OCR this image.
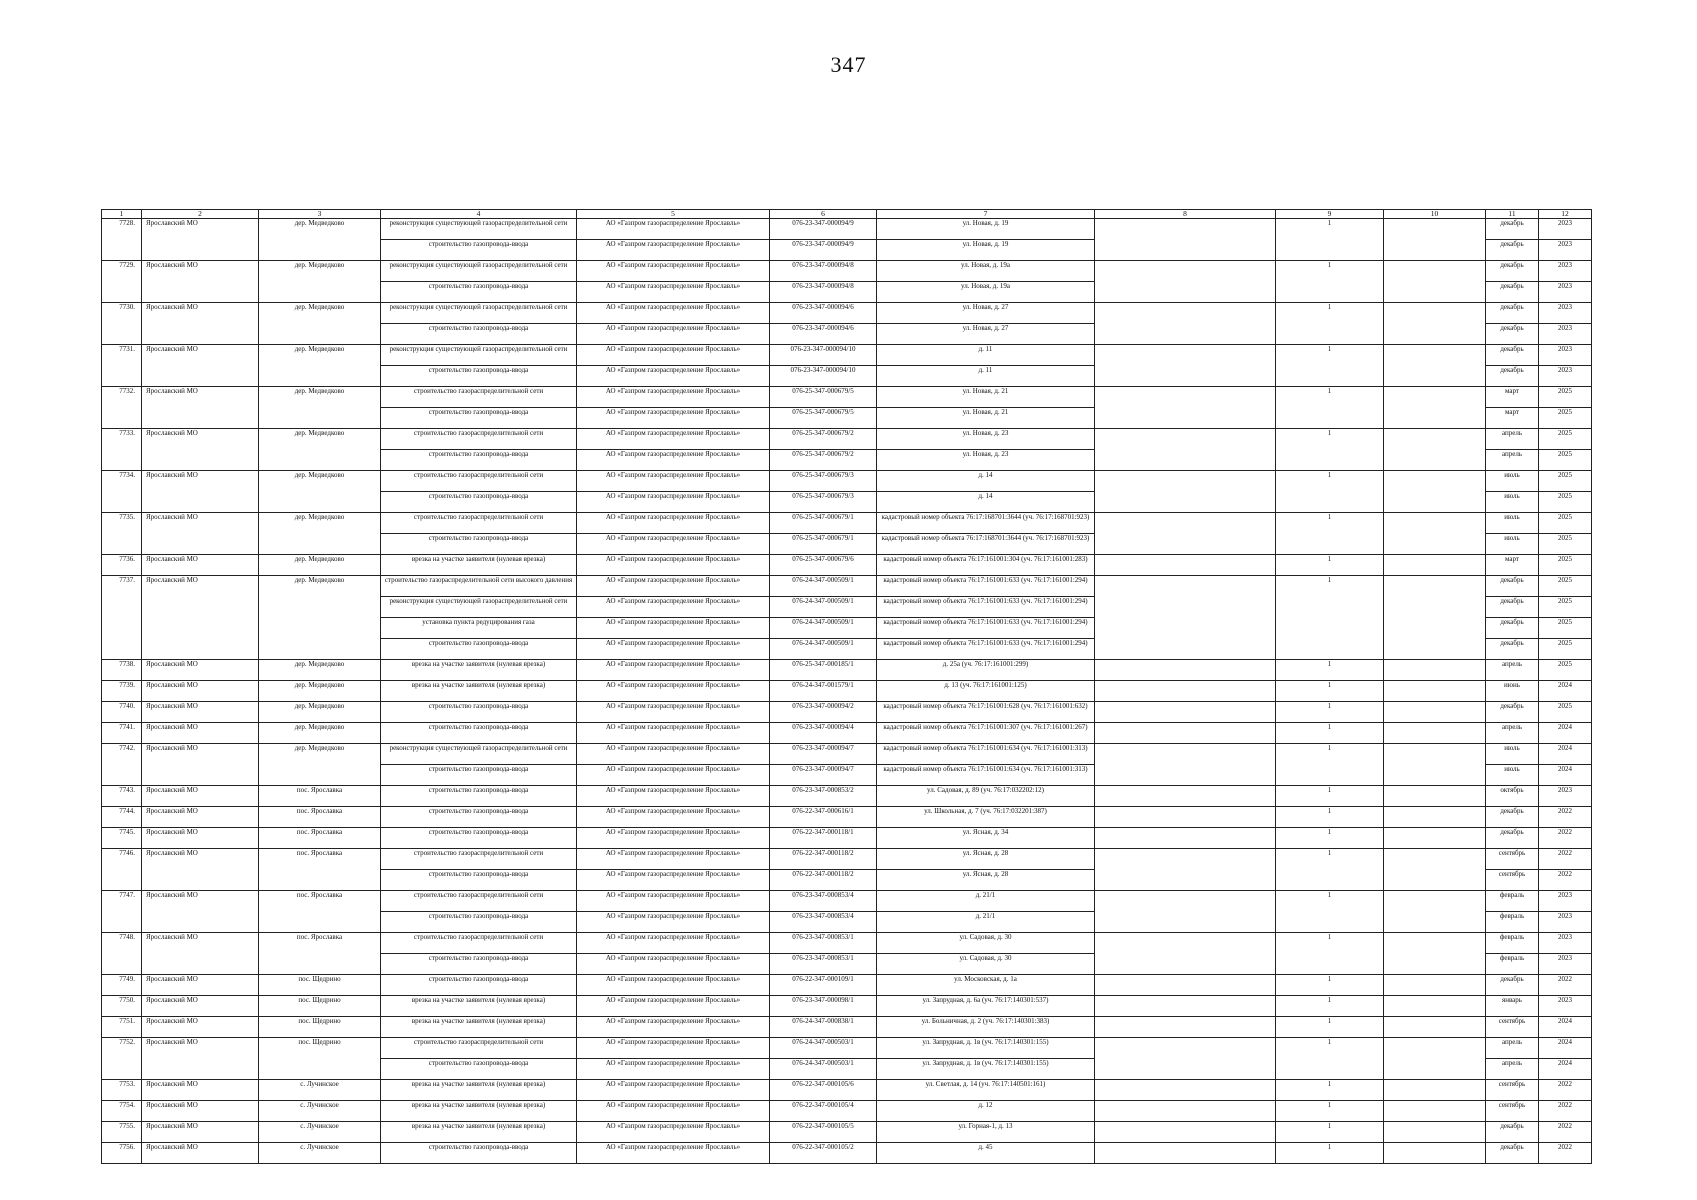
347
1	2	3	4	5	6	7	8	9	10	11	12
7728.	Ярославский МО	дер. Медведково	реконструкция существующей газораспределительной сети	АО «Газпром газораспределение Ярославль»	076-23-347-000094/9	ул. Новая, д. 19		1		декабрь	2023
			строительство газопровода-ввода	АО «Газпром газораспределение Ярославль»	076-23-347-000094/9	ул. Новая, д. 19				декабрь	2023
7729.	Ярославский МО	дер. Медведково	реконструкция существующей газораспределительной сети	АО «Газпром газораспределение Ярославль»	076-23-347-000094/8	ул. Новая, д. 19а		1		декабрь	2023
			строительство газопровода-ввода	АО «Газпром газораспределение Ярославль»	076-23-347-000094/8	ул. Новая, д. 19а				декабрь	2023
7730.	Ярославский МО	дер. Медведково	реконструкция существующей газораспределительной сети	АО «Газпром газораспределение Ярославль»	076-23-347-000094/6	ул. Новая, д. 27		1		декабрь	2023
			строительство газопровода-ввода	АО «Газпром газораспределение Ярославль»	076-23-347-000094/6	ул. Новая, д. 27				декабрь	2023
7731.	Ярославский МО	дер. Медведково	реконструкция существующей газораспределительной сети	АО «Газпром газораспределение Ярославль»	076-23-347-000094/10	д. 11		1		декабрь	2023
			строительство газопровода-ввода	АО «Газпром газораспределение Ярославль»	076-23-347-000094/10	д. 11				декабрь	2023
7732.	Ярославский МО	дер. Медведково	строительство газораспределительной сети	АО «Газпром газораспределение Ярославль»	076-25-347-000679/5	ул. Новая, д. 21		1		март	2025
			строительство газопровода-ввода	АО «Газпром газораспределение Ярославль»	076-25-347-000679/5	ул. Новая, д. 21				март	2025
7733.	Ярославский МО	дер. Медведково	строительство газораспределительной сети	АО «Газпром газораспределение Ярославль»	076-25-347-000679/2	ул. Новая, д. 23		1		апрель	2025
			строительство газопровода-ввода	АО «Газпром газораспределение Ярославль»	076-25-347-000679/2	ул. Новая, д. 23				апрель	2025
7734.	Ярославский МО	дер. Медведково	строительство газораспределительной сети	АО «Газпром газораспределение Ярославль»	076-25-347-000679/3	д. 14		1		июль	2025
			строительство газопровода-ввода	АО «Газпром газораспределение Ярославль»	076-25-347-000679/3	д. 14				июль	2025
7735.	Ярославский МО	дер. Медведково	строительство газораспределительной сети	АО «Газпром газораспределение Ярославль»	076-25-347-000679/1	кадастровый номер объекта 76:17:168701:3644 (уч. 76:17:168701:923)		1		июль	2025
			строительство газопровода-ввода	АО «Газпром газораспределение Ярославль»	076-25-347-000679/1	кадастровый номер объекта 76:17:168701:3644 (уч. 76:17:168701:923)				июль	2025
7736.	Ярославский МО	дер. Медведково	врезка на участке заявителя (нулевая врезка)	АО «Газпром газораспределение Ярославль»	076-25-347-000679/6	кадастровый номер объекта 76:17:161001:304 (уч. 76:17:161001:283)		1		март	2025
7737.	Ярославский МО	дер. Медведково	строительство газораспределительной сети высокого давления	АО «Газпром газораспределение Ярославль»	076-24-347-000509/1	кадастровый номер объекта 76:17:161001:633 (уч. 76:17:161001:294)		1		декабрь	2025
			реконструкция существующей газораспределительной сети	АО «Газпром газораспределение Ярославль»	076-24-347-000509/1	кадастровый номер объекта 76:17:161001:633 (уч. 76:17:161001:294)				декабрь	2025
			установка пункта редуцирования газа	АО «Газпром газораспределение Ярославль»	076-24-347-000509/1	кадастровый номер объекта 76:17:161001:633 (уч. 76:17:161001:294)				декабрь	2025
			строительство газопровода-ввода	АО «Газпром газораспределение Ярославль»	076-24-347-000509/1	кадастровый номер объекта 76:17:161001:633 (уч. 76:17:161001:294)				декабрь	2025
7738.	Ярославский МО	дер. Медведково	врезка на участке заявителя (нулевая врезка)	АО «Газпром газораспределение Ярославль»	076-25-347-000185/1	д. 25а (уч. 76:17:161001:299)		1		апрель	2025
7739.	Ярославский МО	дер. Медведково	врезка на участке заявителя (нулевая врезка)	АО «Газпром газораспределение Ярославль»	076-24-347-001579/1	д. 13 (уч. 76:17:161001:125)		1		июнь	2024
7740.	Ярославский МО	дер. Медведково	строительство газопровода-ввода	АО «Газпром газораспределение Ярославль»	076-23-347-000094/2	кадастровый номер объекта 76:17:161001:628 (уч. 76:17:161001:632)		1		декабрь	2025
7741.	Ярославский МО	дер. Медведково	строительство газопровода-ввода	АО «Газпром газораспределение Ярославль»	076-23-347-000094/4	кадастровый номер объекта 76:17:161001:307 (уч. 76:17:161001:267)		1		апрель	2024
7742.	Ярославский МО	дер. Медведково	реконструкция существующей газораспределительной сети	АО «Газпром газораспределение Ярославль»	076-23-347-000094/7	кадастровый номер объекта 76:17:161001:634 (уч. 76:17:161001:313)		1		июль	2024
			строительство газопровода-ввода	АО «Газпром газораспределение Ярославль»	076-23-347-000094/7	кадастровый номер объекта 76:17:161001:634 (уч. 76:17:161001:313)				июль	2024
7743.	Ярославский МО	пос. Ярославка	строительство газопровода-ввода	АО «Газпром газораспределение Ярославль»	076-23-347-000853/2	ул. Садовая, д. 89 (уч. 76:17:032202:12)		1		октябрь	2023
7744.	Ярославский МО	пос. Ярославка	строительство газопровода-ввода	АО «Газпром газораспределение Ярославль»	076-22-347-000616/1	ул. Школьная, д. 7 (уч. 76:17:032201:387)		1		декабрь	2022
7745.	Ярославский МО	пос. Ярославка	строительство газопровода-ввода	АО «Газпром газораспределение Ярославль»	076-22-347-000118/1	ул. Ясная, д. 34		1		декабрь	2022
7746.	Ярославский МО	пос. Ярославка	строительство газораспределительной сети	АО «Газпром газораспределение Ярославль»	076-22-347-000118/2	ул. Ясная, д. 28		1		сентябрь	2022
			строительство газопровода-ввода	АО «Газпром газораспределение Ярославль»	076-22-347-000118/2	ул. Ясная, д. 28				сентябрь	2022
7747.	Ярославский МО	пос. Ярославка	строительство газораспределительной сети	АО «Газпром газораспределение Ярославль»	076-23-347-000853/4	д. 21/1		1		февраль	2023
			строительство газопровода-ввода	АО «Газпром газораспределение Ярославль»	076-23-347-000853/4	д. 21/1				февраль	2023
7748.	Ярославский МО	пос. Ярославка	строительство газораспределительной сети	АО «Газпром газораспределение Ярославль»	076-23-347-000853/1	ул. Садовая, д. 30		1		февраль	2023
			строительство газопровода-ввода	АО «Газпром газораспределение Ярославль»	076-23-347-000853/1	ул. Садовая, д. 30				февраль	2023
7749.	Ярославский МО	пос. Щедрино	строительство газопровода-ввода	АО «Газпром газораспределение Ярославль»	076-22-347-000109/1	ул. Московская, д. 1а		1		декабрь	2022
7750.	Ярославский МО	пос. Щедрино	врезка на участке заявителя (нулевая врезка)	АО «Газпром газораспределение Ярославль»	076-23-347-000098/1	ул. Запрудная, д. 6а (уч. 76:17:140301:537)		1		январь	2023
7751.	Ярославский МО	пос. Щедрино	врезка на участке заявителя (нулевая врезка)	АО «Газпром газораспределение Ярославль»	076-24-347-000838/1	ул. Больничная, д. 2 (уч. 76:17:140301:383)		1		сентябрь	2024
7752.	Ярославский МО	пос. Щедрино	строительство газораспределительной сети	АО «Газпром газораспределение Ярославль»	076-24-347-000503/1	ул. Запрудная, д. 1в (уч. 76:17:140301:155)		1		апрель	2024
			строительство газопровода-ввода	АО «Газпром газораспределение Ярославль»	076-24-347-000503/1	ул. Запрудная, д. 1в (уч. 76:17:140301:155)				апрель	2024
7753.	Ярославский МО	с. Лучинское	врезка на участке заявителя (нулевая врезка)	АО «Газпром газораспределение Ярославль»	076-22-347-000105/6	ул. Светлая, д. 14 (уч. 76:17:140501:161)		1		сентябрь	2022
7754.	Ярославский МО	с. Лучинское	врезка на участке заявителя (нулевая врезка)	АО «Газпром газораспределение Ярославль»	076-22-347-000105/4	д. 12		1		сентябрь	2022
7755.	Ярославский МО	с. Лучинское	врезка на участке заявителя (нулевая врезка)	АО «Газпром газораспределение Ярославль»	076-22-347-000105/5	ул. Горная-1, д. 13		1		декабрь	2022
7756.	Ярославский МО	с. Лучинское	строительство газопровода-ввода	АО «Газпром газораспределение Ярославль»	076-22-347-000105/2	д. 45		1		декабрь	2022
